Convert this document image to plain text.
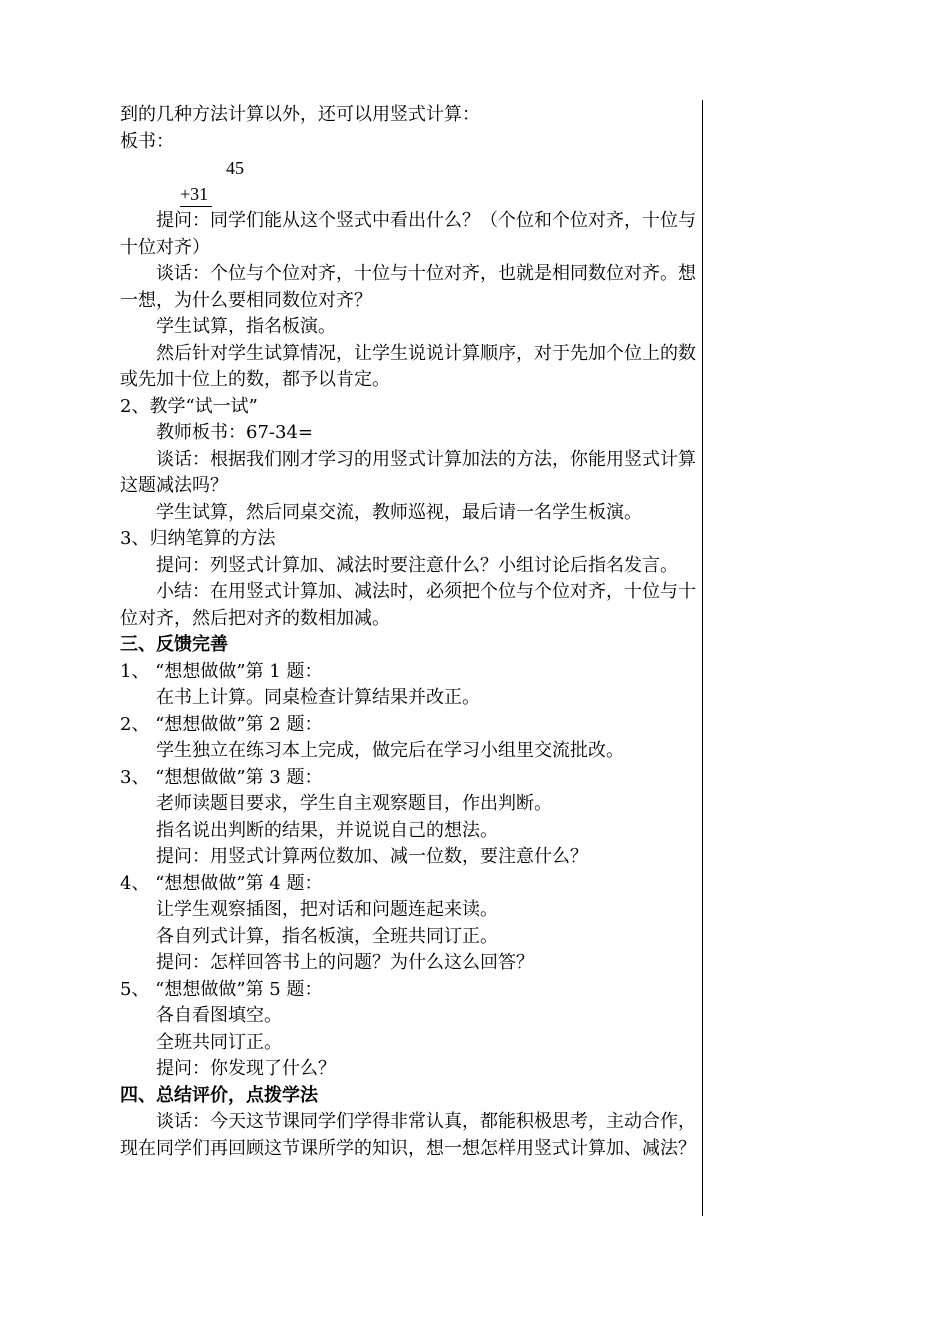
到的几种方法计算以外，还可以用竖式计算：

板书：

45
+31

提问：同学们能从这个竖式中看出什么？（个位和个位对齐，十位与十位对齐）

谈话：个位与个位对齐，十位与十位对齐，也就是相同数位对齐。想一想，为什么要相同数位对齐？

学生试算，指名板演。

然后针对学生试算情况，让学生说说计算顺序，对于先加个位上的数或先加十位上的数，都予以肯定。

2、教学“试一试”

教师板书：67-34=

谈话：根据我们刚才学习的用竖式计算加法的方法，你能用竖式计算这题减法吗？

学生试算，然后同桌交流，教师巡视，最后请一名学生板演。

3、归纳笔算的方法

提问：列竖式计算加、减法时要注意什么？小组讨论后指名发言。

小结：在用竖式计算加、减法时，必须把个位与个位对齐，十位与十位对齐，然后把对齐的数相加减。

三、反馈完善

1、 “想想做做”第 1 题：

在书上计算。同桌检查计算结果并改正。

2、 “想想做做”第 2 题：

学生独立在练习本上完成，做完后在学习小组里交流批改。

3、 “想想做做”第 3 题：

老师读题目要求，学生自主观察题目，作出判断。

指名说出判断的结果，并说说自己的想法。

提问：用竖式计算两位数加、减一位数，要注意什么？

4、 “想想做做”第 4 题：

让学生观察插图，把对话和问题连起来读。

各自列式计算，指名板演，全班共同订正。

提问：怎样回答书上的问题？为什么这么回答？

5、 “想想做做”第 5 题：

各自看图填空。

全班共同订正。

提问：你发现了什么？

四、总结评价，点拨学法

谈话：今天这节课同学们学得非常认真，都能积极思考，主动合作，现在同学们再回顾这节课所学的知识，想一想怎样用竖式计算加、减法？
